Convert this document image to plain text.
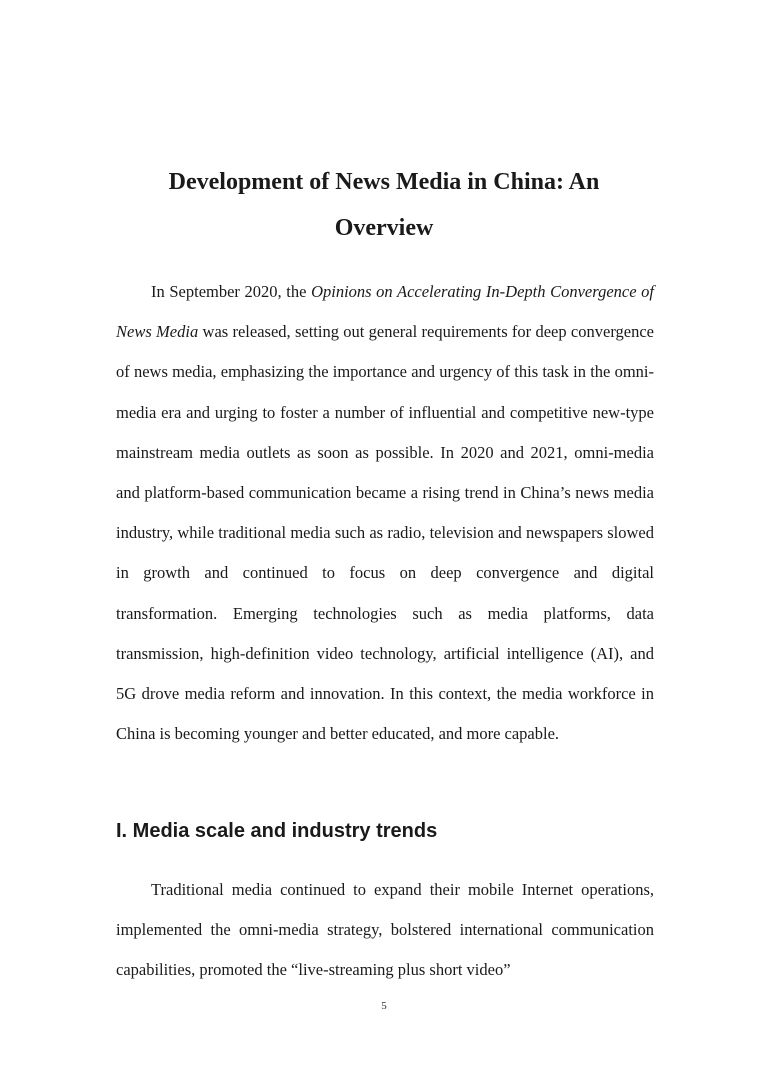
Development of News Media in China: An
Overview

In September 2020, the Opinions on Accelerating In-Depth Convergence of News Media was released, setting out general requirements for deep convergence of news media, emphasizing the importance and urgency of this task in the omni-media era and urging to foster a number of influential and competitive new-type mainstream media outlets as soon as possible. In 2020 and 2021, omni-media and platform-based communication became a rising trend in China’s news media industry, while traditional media such as radio, television and newspapers slowed in growth and continued to focus on deep convergence and digital transformation. Emerging technologies such as media platforms, data transmission, high-definition video technology, artificial intelligence (AI), and 5G drove media reform and innovation. In this context, the media workforce in China is becoming younger and better educated, and more capable.

I. Media scale and industry trends

Traditional media continued to expand their mobile Internet operations, implemented the omni-media strategy, bolstered international communication capabilities, promoted the “live-streaming plus short video”

5
